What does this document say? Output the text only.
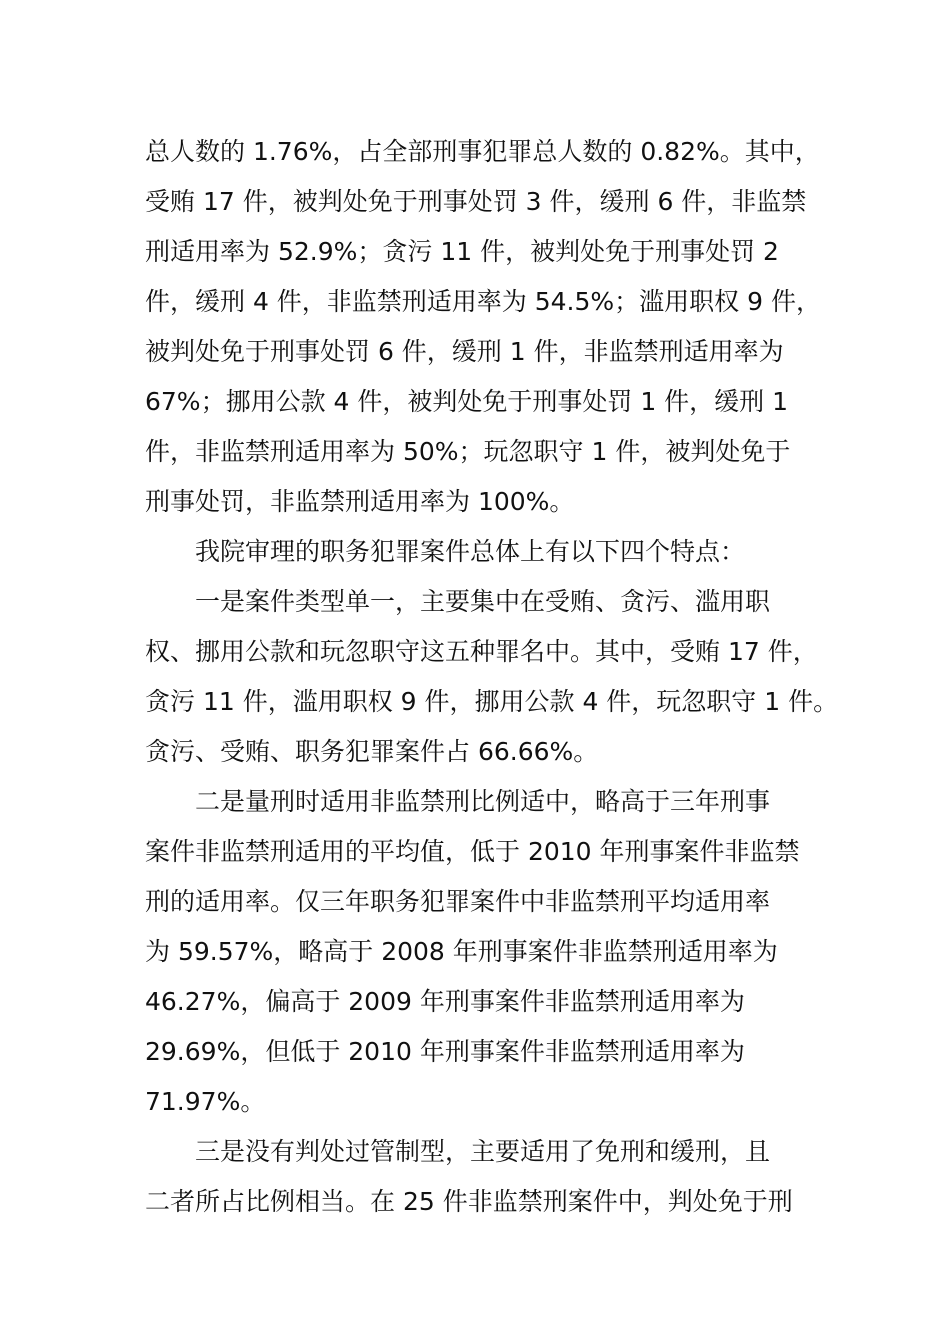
总人数的 1.76%，占全部刑事犯罪总人数的 0.82%。其中，
受贿 17 件，被判处免于刑事处罚 3 件，缓刑 6 件，非监禁
刑适用率为 52.9%；贪污 11 件，被判处免于刑事处罚 2
件，缓刑 4 件，非监禁刑适用率为 54.5%；滥用职权 9 件，
被判处免于刑事处罚 6 件，缓刑 1 件，非监禁刑适用率为
67%；挪用公款 4 件，被判处免于刑事处罚 1 件，缓刑 1
件，非监禁刑适用率为 50%；玩忽职守 1 件，被判处免于
刑事处罚，非监禁刑适用率为 100%。
我院审理的职务犯罪案件总体上有以下四个特点：
一是案件类型单一，主要集中在受贿、贪污、滥用职
权、挪用公款和玩忽职守这五种罪名中。其中，受贿 17 件，
贪污 11 件，滥用职权 9 件，挪用公款 4 件，玩忽职守 1 件。
贪污、受贿、职务犯罪案件占 66.66%。
二是量刑时适用非监禁刑比例适中，略高于三年刑事
案件非监禁刑适用的平均值，低于 2010 年刑事案件非监禁
刑的适用率。仅三年职务犯罪案件中非监禁刑平均适用率
为 59.57%，略高于 2008 年刑事案件非监禁刑适用率为
46.27%，偏高于 2009 年刑事案件非监禁刑适用率为
29.69%，但低于 2010 年刑事案件非监禁刑适用率为
71.97%。
三是没有判处过管制型，主要适用了免刑和缓刑，且
二者所占比例相当。在 25 件非监禁刑案件中，判处免于刑
